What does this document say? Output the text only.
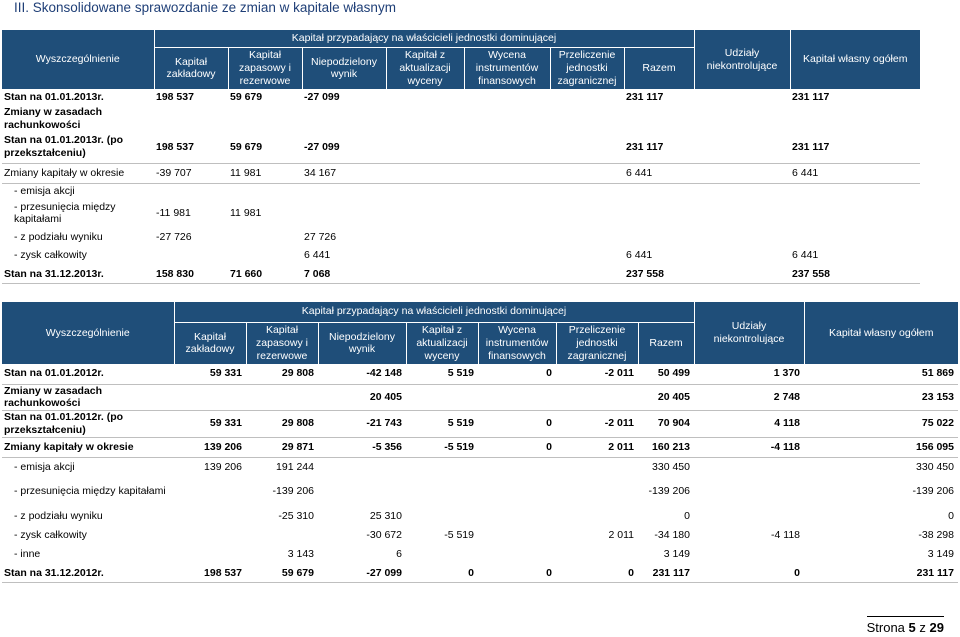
III. Skonsolidowane sprawozdanie ze zmian w kapitale własnym
Wyszczególnienie	Kapitał przypadający na właścicieli jednostki dominującej							Udziały niekontrolujące	Kapitał własny ogółem
	Kapitał zakładowy	Kapitał zapasowy i rezerwowe	Niepodzielony wynik	Kapitał z aktualizacji wyceny	Wycena instrumentów finansowych	Przeliczenie jednostki zagranicznej	Razem		
Stan na 01.01.2013r.	198 537	59 679	-27 099				231 117		231 117
Zmiany w zasadach rachunkowości									
Stan na 01.01.2013r. (po przekształceniu)	198 537	59 679	-27 099				231 117		231 117
Zmiany kapitały w okresie	-39 707	11 981	34 167				6 441		6 441
- emisja akcji									
- przesunięcia między kapitałami	-11 981	11 981							
- z podziału wyniku	-27 726		27 726						
- zysk całkowity			6 441				6 441		6 441
Stan na 31.12.2013r.	158 830	71 660	7 068				237 558		237 558
Wyszczególnienie	Kapitał przypadający na właścicieli jednostki dominującej							Udziały niekontrolujące	Kapitał własny ogółem
	Kapitał zakładowy	Kapitał zapasowy i rezerwowe	Niepodzielony wynik	Kapitał z aktualizacji wyceny	Wycena instrumentów finansowych	Przeliczenie jednostki zagranicznej	Razem		
Stan na 01.01.2012r.	59 331	29 808	-42 148	5 519	0	-2 011	50 499	1 370	51 869
Zmiany w zasadach rachunkowości			20 405				20 405	2 748	23 153
Stan na 01.01.2012r. (po przekształceniu)	59 331	29 808	-21 743	5 519	0	-2 011	70 904	4 118	75 022
Zmiany kapitały w okresie	139 206	29 871	-5 356	-5 519	0	2 011	160 213	-4 118	156 095
- emisja akcji	139 206	191 244					330 450		330 450
- przesunięcia między kapitałami		-139 206					-139 206		-139 206
- z podziału wyniku		-25 310	25 310				0		0
- zysk całkowity			-30 672	-5 519		2 011	-34 180	-4 118	-38 298
- inne		3 143	6				3 149		3 149
Stan na 31.12.2012r.	198 537	59 679	-27 099	0	0	0	231 117	0	231 117
Strona 5 z 29
